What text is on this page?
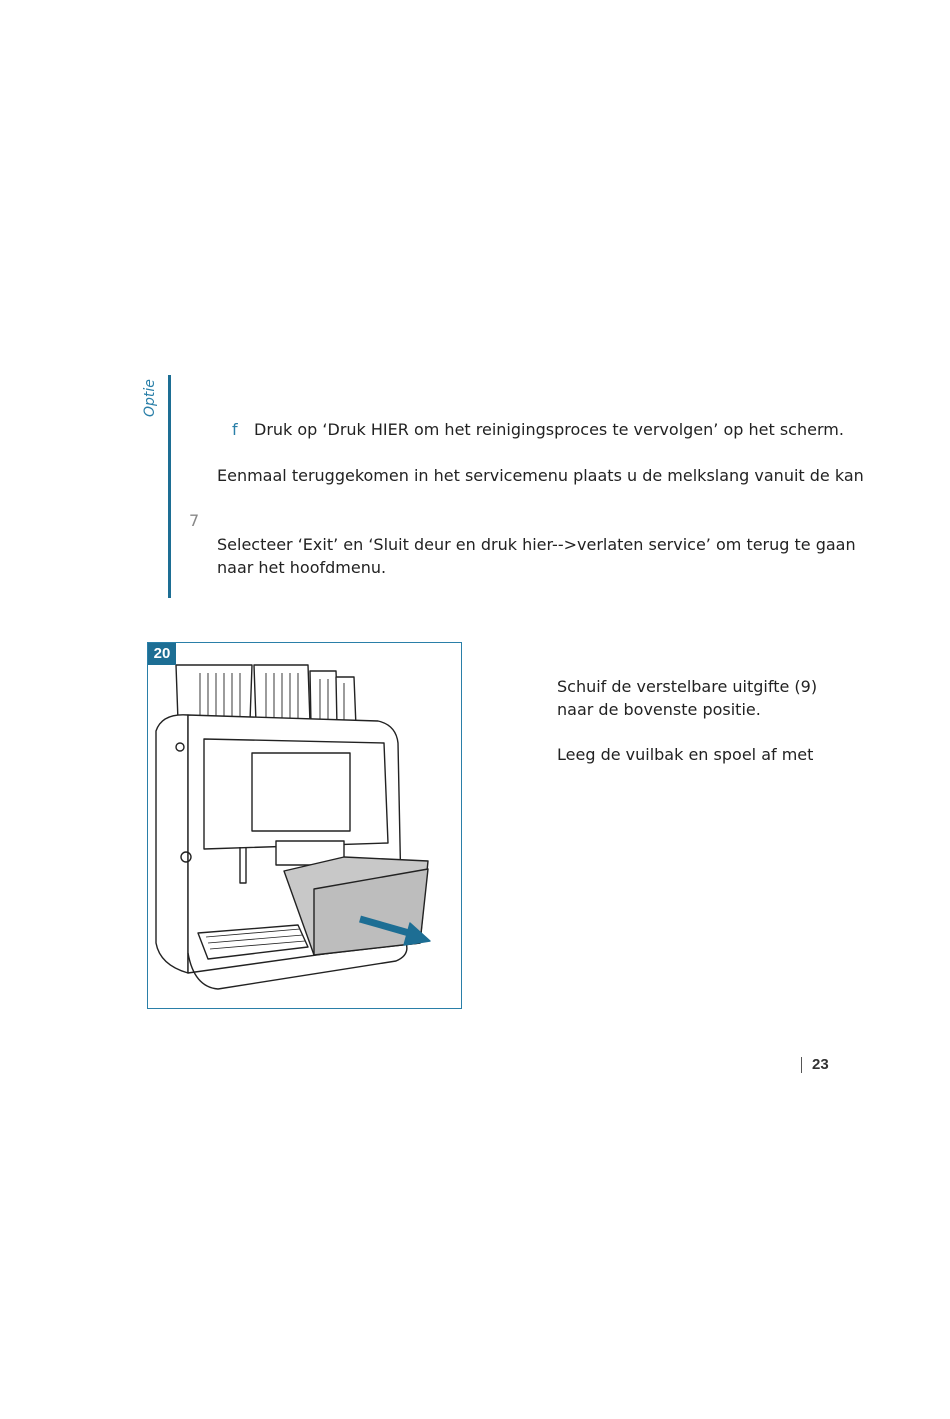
Optie
f Druk op ‘Druk HIER om het reinigingsproces te vervolgen’ op het scherm.
Eenmaal teruggekomen in het servicemenu plaats u de melkslang vanuit de kan
7
Selecteer ‘Exit’ en ‘Sluit deur en druk hier-->verlaten service’ om terug te gaan
naar het hoofdmenu.
20
Schuif de verstelbare uitgifte (9)
naar de bovenste positie.
Leeg de vuilbak en spoel af met
23
